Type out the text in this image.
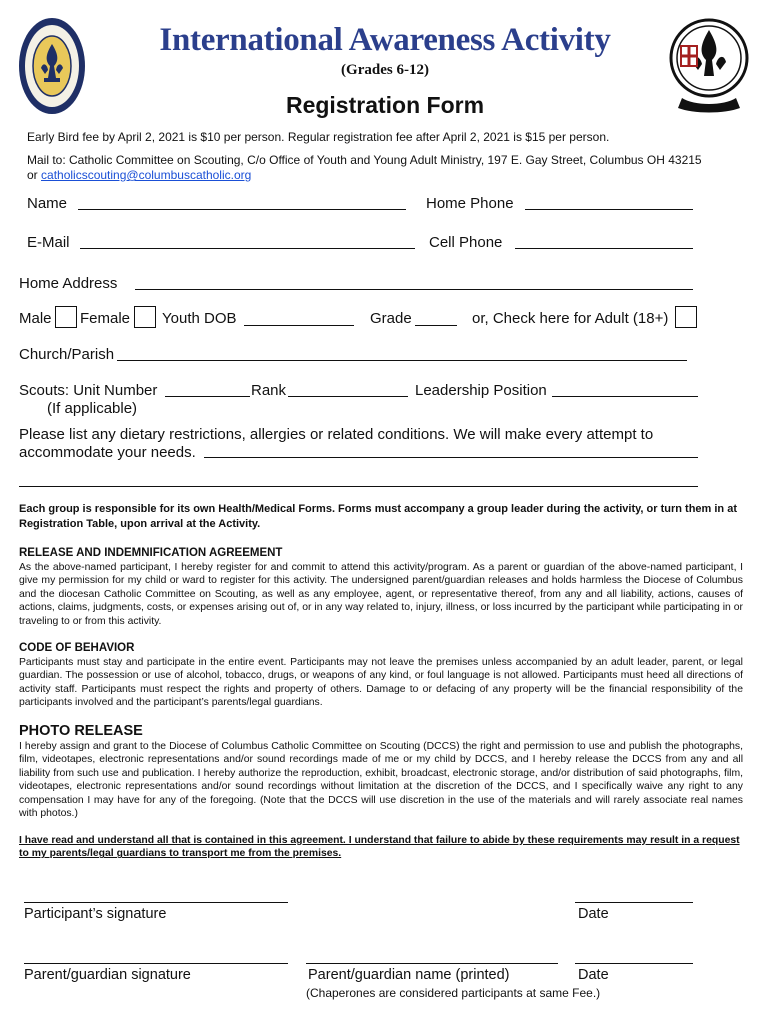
International Awareness Activity
(Grades 6-12)
Registration Form
Early Bird fee by April 2, 2021 is $10 per person. Regular registration fee after April 2, 2021 is $15 per person.
Mail to: Catholic Committee on Scouting, C/o Office of Youth and Young Adult Ministry, 197 E. Gay Street, Columbus OH 43215
or catholicscouting@columbuscatholic.org
Name	Home Phone
E-Mail	Cell Phone
Home Address
Male Female Youth DOB	Grade	or, Check here for Adult (18+)
Church/Parish
Scouts: Unit Number	Rank	Leadership Position
(If applicable)
Please list any dietary restrictions, allergies or related conditions. We will make every attempt to
accommodate your needs.
Each group is responsible for its own Health/Medical Forms. Forms must accompany a group leader during the activity, or turn them in at Registration Table, upon arrival at the Activity.
RELEASE AND INDEMNIFICATION AGREEMENT
As the above-named participant, I hereby register for and commit to attend this activity/program. As a parent or guardian of the above-named participant, I give my permission for my child or ward to register for this activity. The undersigned parent/guardian releases and holds harmless the Diocese of Columbus and the diocesan Catholic Committee on Scouting, as well as any employee, agent, or representative thereof, from any and all liability, actions, causes of actions, claims, judgments, costs, or expenses arising out of, or in any way related to, injury, illness, or loss incurred by the participant while participating in or traveling to or from this activity.
CODE OF BEHAVIOR
Participants must stay and participate in the entire event. Participants may not leave the premises unless accompanied by an adult leader, parent, or legal guardian. The possession or use of alcohol, tobacco, drugs, or weapons of any kind, or foul language is not allowed. Participants must heed all directions of activity staff. Participants must respect the rights and property of others. Damage to or defacing of any property will be the financial responsibility of the participants involved and the participant’s parents/legal guardians.
PHOTO RELEASE
I hereby assign and grant to the Diocese of Columbus Catholic Committee on Scouting (DCCS) the right and permission to use and publish the photographs, film, videotapes, electronic representations and/or sound recordings made of me or my child by DCCS, and I hereby release the DCCS from any and all liability from such use and publication. I hereby authorize the reproduction, exhibit, broadcast, electronic storage, and/or distribution of said photographs, film, videotapes, electronic representations and/or sound recordings without limitation at the discretion of the DCCS, and I specifically waive any right to any compensation I may have for any of the foregoing. (Note that the DCCS will use discretion in the use of the materials and will rarely associate real names with photos.)
I have read and understand all that is contained in this agreement. I understand that failure to abide by these requirements may result in a request to my parents/legal guardians to transport me from the premises.
Participant’s signature	Date
Parent/guardian signature	Parent/guardian name (printed)	Date
(Chaperones are considered participants at same Fee.)
